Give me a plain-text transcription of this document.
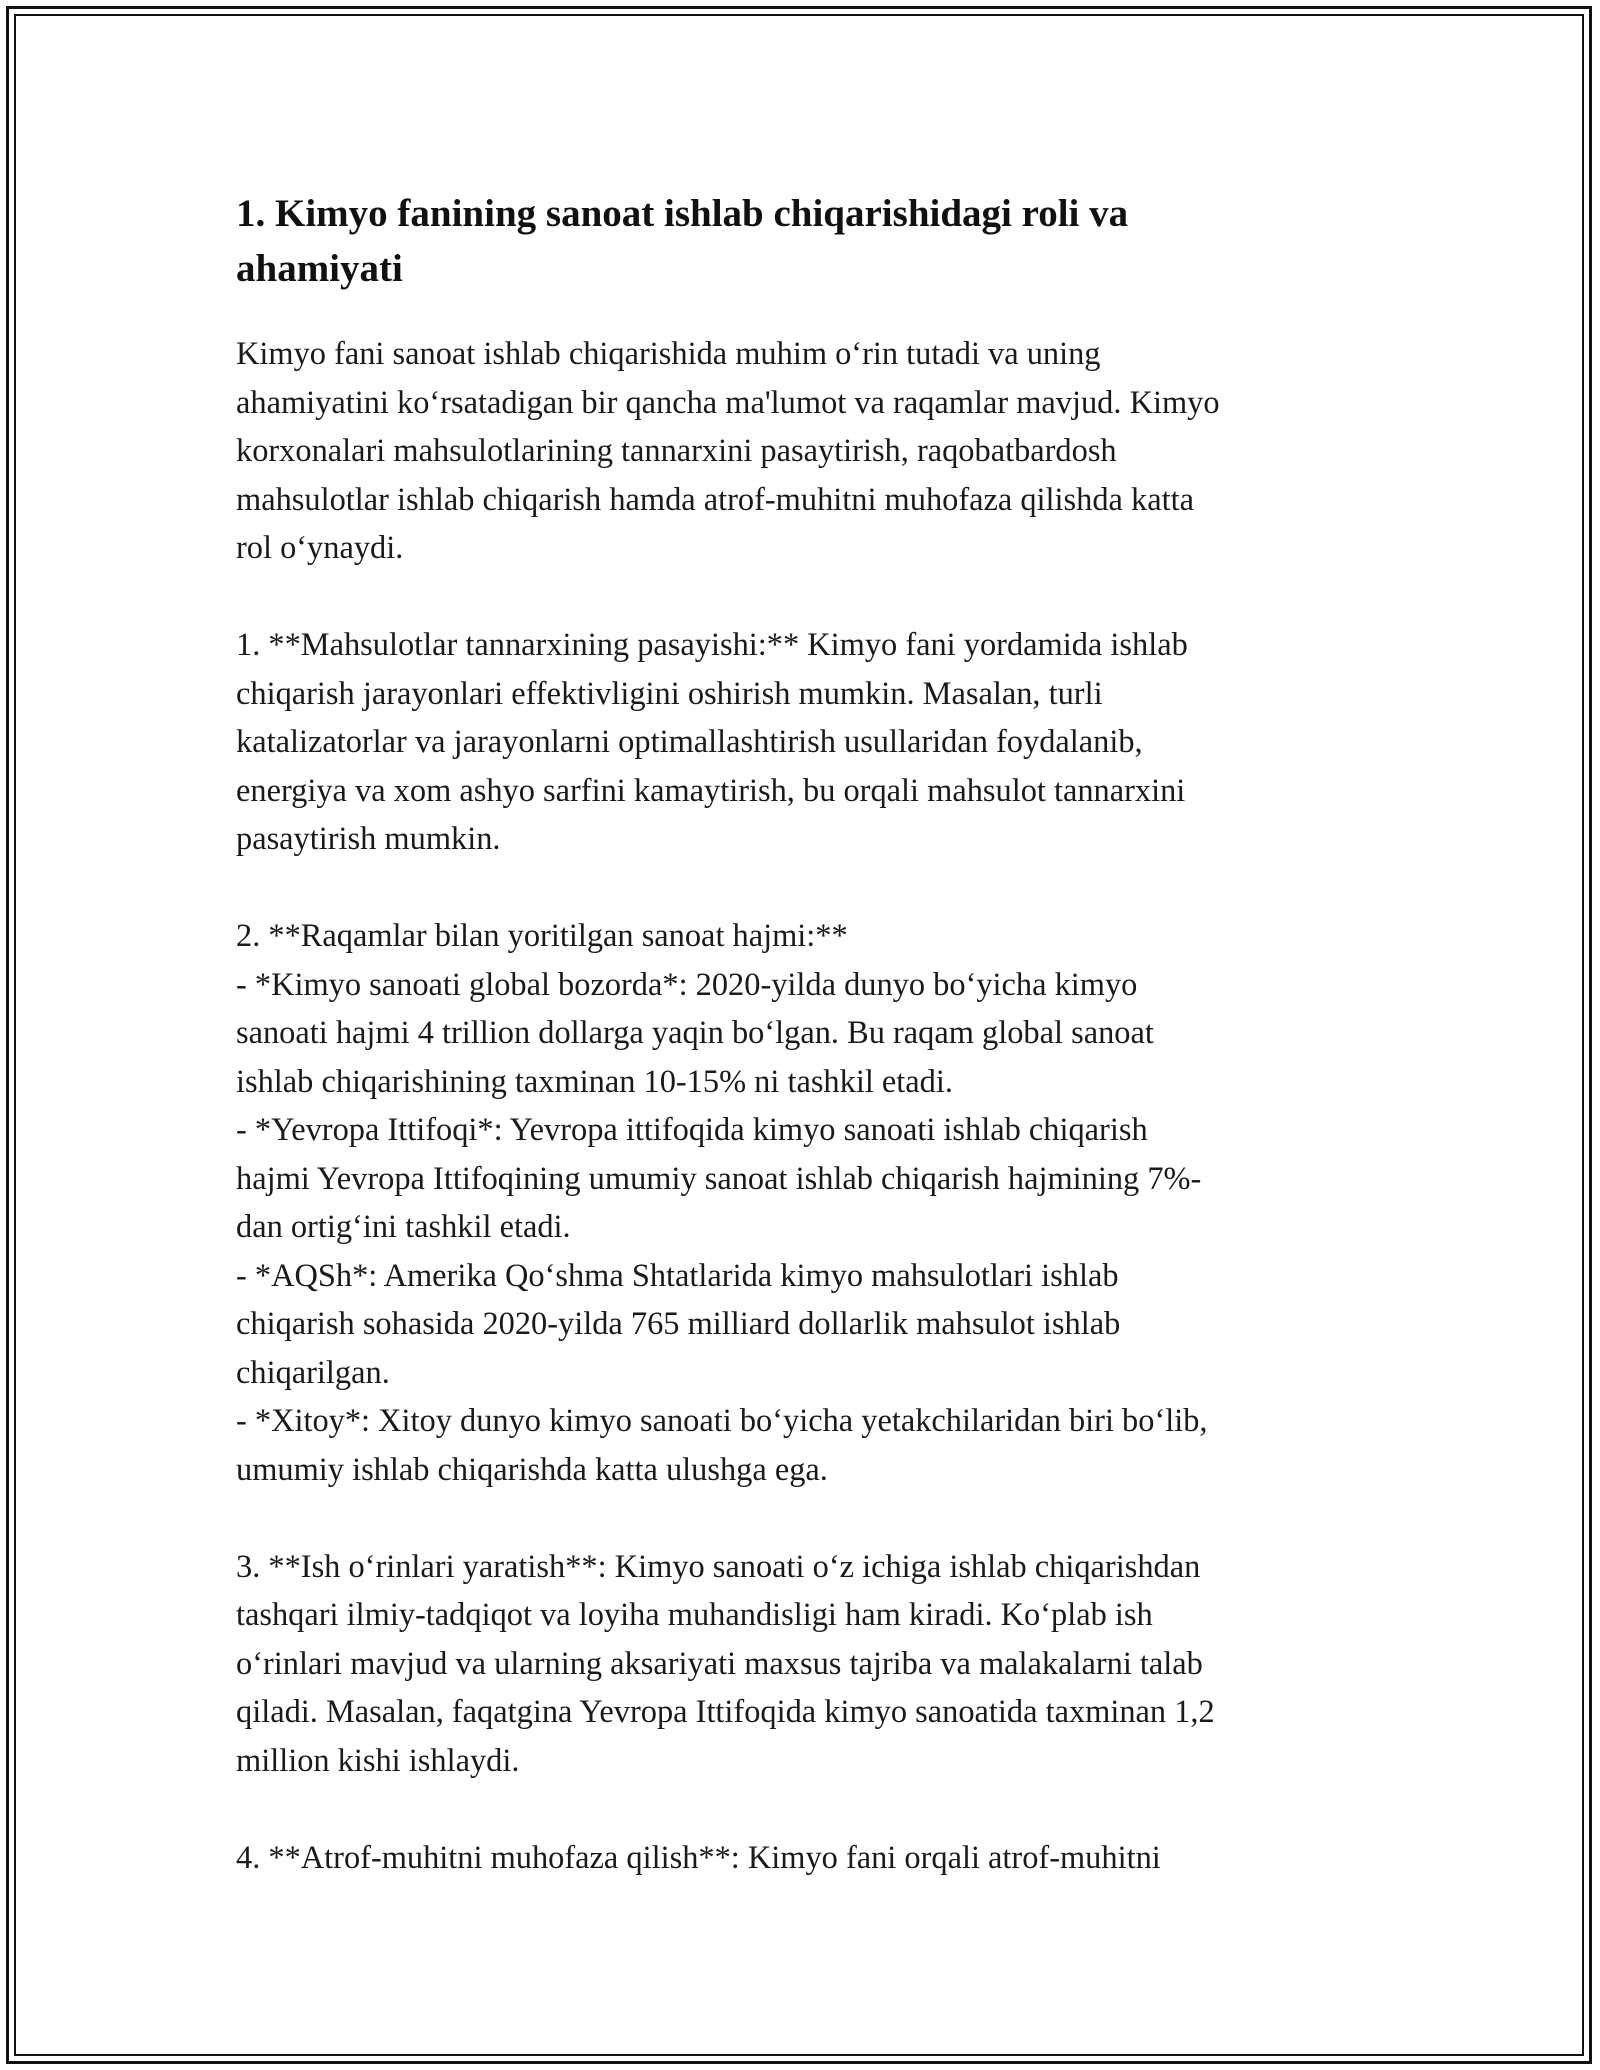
1. Kimyo fanining sanoat ishlab chiqarishidagi roli va
ahamiyati

Kimyo fani sanoat ishlab chiqarishida muhim o‘rin tutadi va uning
ahamiyatini ko‘rsatadigan bir qancha ma'lumot va raqamlar mavjud. Kimyo
korxonalari mahsulotlarining tannarxini pasaytirish, raqobatbardosh
mahsulotlar ishlab chiqarish hamda atrof-muhitni muhofaza qilishda katta
rol o‘ynaydi.

1. **Mahsulotlar tannarxining pasayishi:** Kimyo fani yordamida ishlab
chiqarish jarayonlari effektivligini oshirish mumkin. Masalan, turli
katalizatorlar va jarayonlarni optimallashtirish usullaridan foydalanib,
energiya va xom ashyo sarfini kamaytirish, bu orqali mahsulot tannarxini
pasaytirish mumkin.

2. **Raqamlar bilan yoritilgan sanoat hajmi:**
- *Kimyo sanoati global bozorda*: 2020-yilda dunyo bo‘yicha kimyo
sanoati hajmi 4 trillion dollarga yaqin bo‘lgan. Bu raqam global sanoat
ishlab chiqarishining taxminan 10-15% ni tashkil etadi.
- *Yevropa Ittifoqi*: Yevropa ittifoqida kimyo sanoati ishlab chiqarish
hajmi Yevropa Ittifoqining umumiy sanoat ishlab chiqarish hajmining 7%-
dan ortig‘ini tashkil etadi.
- *AQSh*: Amerika Qo‘shma Shtatlarida kimyo mahsulotlari ishlab
chiqarish sohasida 2020-yilda 765 milliard dollarlik mahsulot ishlab
chiqarilgan.
- *Xitoy*: Xitoy dunyo kimyo sanoati bo‘yicha yetakchilaridan biri bo‘lib,
umumiy ishlab chiqarishda katta ulushga ega.

3. **Ish o‘rinlari yaratish**: Kimyo sanoati o‘z ichiga ishlab chiqarishdan
tashqari ilmiy-tadqiqot va loyiha muhandisligi ham kiradi. Ko‘plab ish
o‘rinlari mavjud va ularning aksariyati maxsus tajriba va malakalarni talab
qiladi. Masalan, faqatgina Yevropa Ittifoqida kimyo sanoatida taxminan 1,2
million kishi ishlaydi.

4. **Atrof-muhitni muhofaza qilish**: Kimyo fani orqali atrof-muhitni
